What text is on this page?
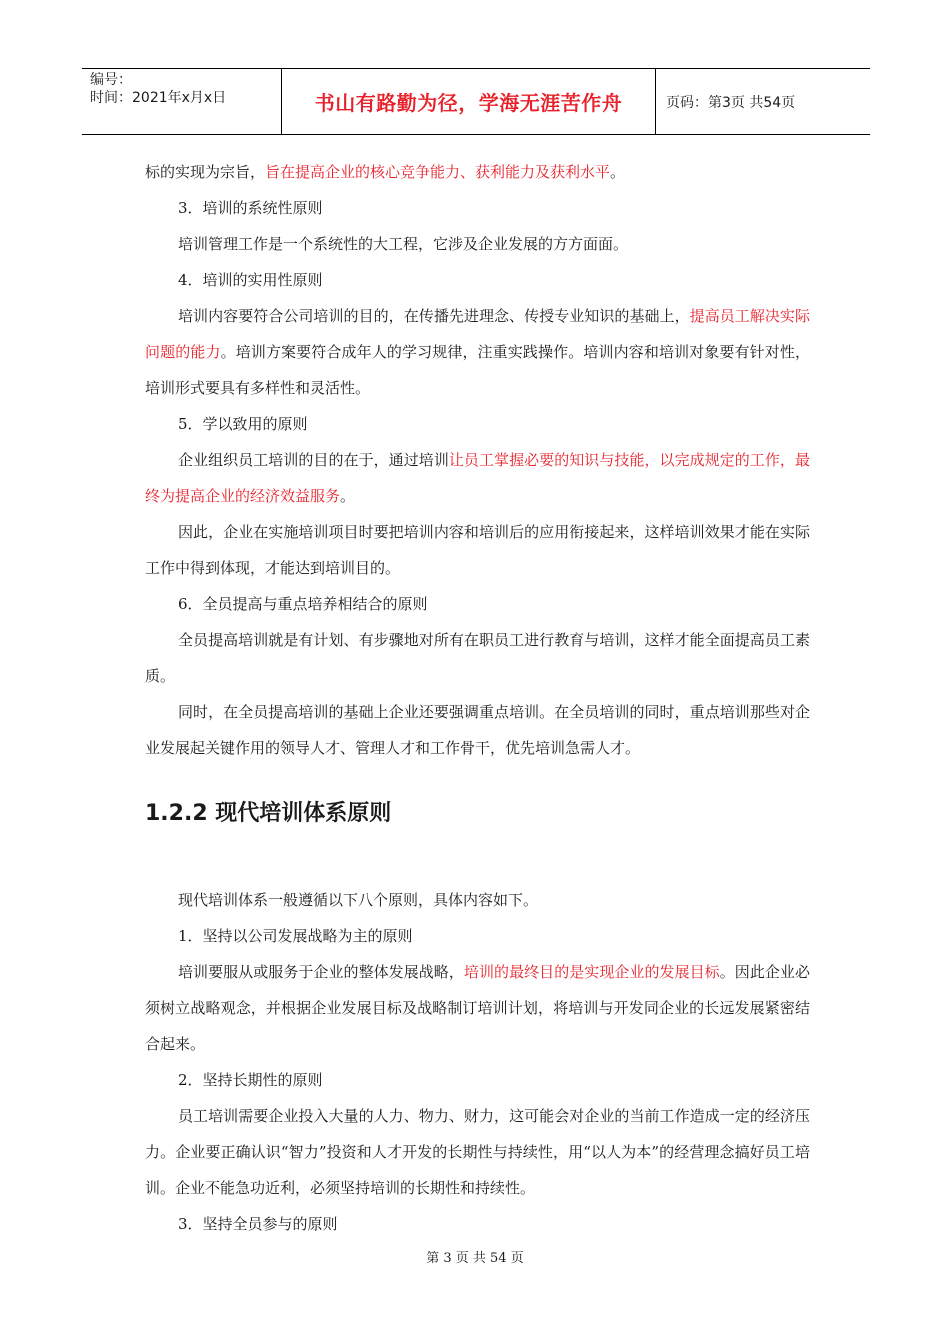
编号：
时间：2021年x月x日	书山有路勤为径，学海无涯苦作舟	页码：第3页 共54页

标的实现为宗旨，旨在提高企业的核心竞争能力、获利能力及获利水平。

3．培训的系统性原则

培训管理工作是一个系统性的大工程，它涉及企业发展的方方面面。

4．培训的实用性原则

培训内容要符合公司培训的目的，在传播先进理念、传授专业知识的基础上，提高员工解决实际问题的能力。培训方案要符合成年人的学习规律，注重实践操作。培训内容和培训对象要有针对性，培训形式要具有多样性和灵活性。

5．学以致用的原则

企业组织员工培训的目的在于，通过培训让员工掌握必要的知识与技能，以完成规定的工作，最终为提高企业的经济效益服务。

因此，企业在实施培训项目时要把培训内容和培训后的应用衔接起来，这样培训效果才能在实际工作中得到体现，才能达到培训目的。

6．全员提高与重点培养相结合的原则

全员提高培训就是有计划、有步骤地对所有在职员工进行教育与培训，这样才能全面提高员工素质。

同时，在全员提高培训的基础上企业还要强调重点培训。在全员培训的同时，重点培训那些对企业发展起关键作用的领导人才、管理人才和工作骨干，优先培训急需人才。

1.2.2 现代培训体系原则

现代培训体系一般遵循以下八个原则，具体内容如下。

1．坚持以公司发展战略为主的原则

培训要服从或服务于企业的整体发展战略，培训的最终目的是实现企业的发展目标。因此企业必须树立战略观念，并根据企业发展目标及战略制订培训计划，将培训与开发同企业的长远发展紧密结合起来。

2．坚持长期性的原则

员工培训需要企业投入大量的人力、物力、财力，这可能会对企业的当前工作造成一定的经济压力。企业要正确认识“智力”投资和人才开发的长期性与持续性，用“以人为本”的经营理念搞好员工培训。企业不能急功近利，必须坚持培训的长期性和持续性。

3．坚持全员参与的原则

第 3 页 共 54 页
